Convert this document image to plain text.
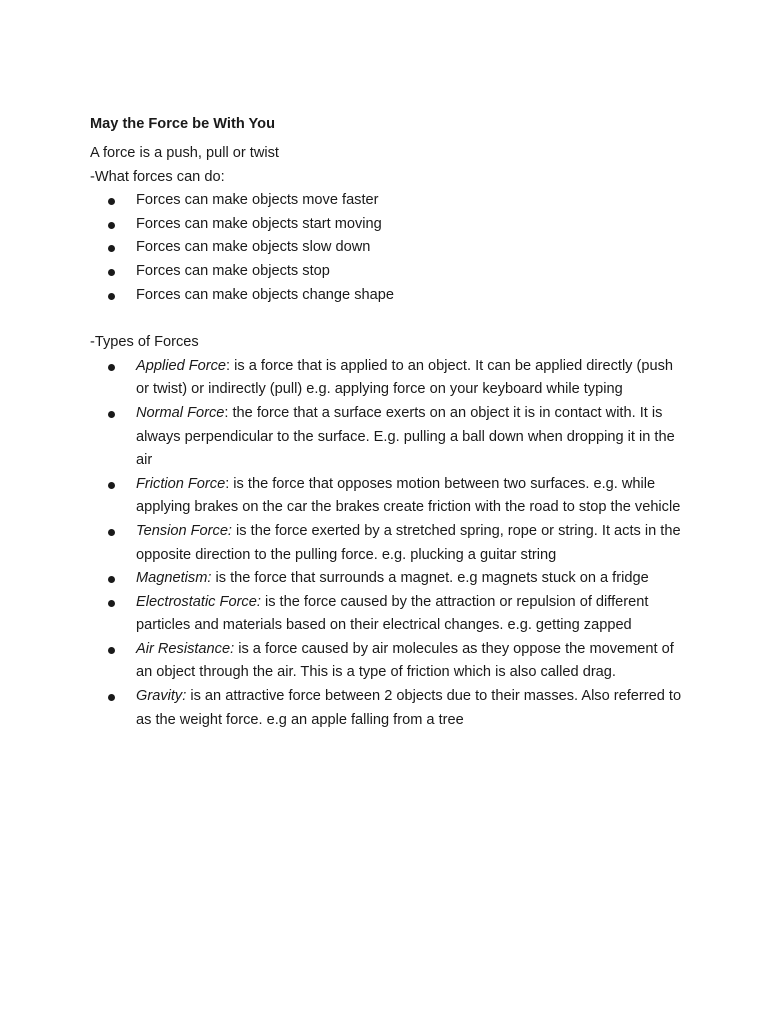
May the Force be With You

A force is a push, pull or twist

-What forces can do:

Forces can make objects move faster
Forces can make objects start moving
Forces can make objects slow down
Forces can make objects stop
Forces can make objects change shape

-Types of Forces

Applied Force: is a force that is applied to an object. It can be applied directly (push or twist) or indirectly (pull) e.g. applying force on your keyboard while typing
Normal Force: the force that a surface exerts on an object it is in contact with. It is always perpendicular to the surface. E.g. pulling a ball down when dropping it in the air
Friction Force: is the force that opposes motion between two surfaces. e.g. while applying brakes on the car the brakes create friction with the road to stop the vehicle
Tension Force: is the force exerted by a stretched spring, rope or string. It acts in the opposite direction to the pulling force. e.g. plucking a guitar string
Magnetism: is the force that surrounds a magnet. e.g magnets stuck on a fridge
Electrostatic Force: is the force caused by the attraction or repulsion of different particles and materials based on their electrical changes. e.g. getting zapped
Air Resistance: is a force caused by air molecules as they oppose the movement of an object through the air. This is a type of friction which is also called drag.
Gravity: is an attractive force between 2 objects due to their masses. Also referred to as the weight force. e.g an apple falling from a tree
